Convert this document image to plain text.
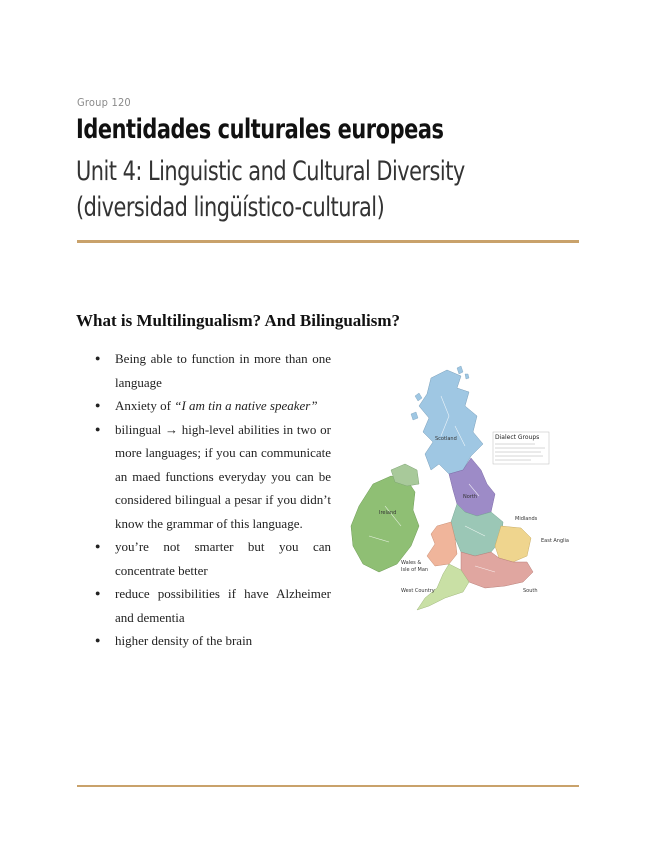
Group 120
Identidades culturales europeas
Unit 4: Linguistic and Cultural Diversity (diversidad lingüístico-cultural)
What is Multilingualism? And Bilingualism?
● Being able to function in more than one language
● Anxiety of “I am tin a native speaker”
● bilingual → high-level abilities in two or more languages; if you can communicate an maed functions everyday you can be considered bilingual a pesar if you didn’t know the grammar of this language.
● you’re not smarter but you can concentrate better
● reduce possibilities if have Alzheimer and dementia
● higher density of the brain
Dialect Groups
Scotland
North
Midlands
East Anglia
Wales &
Isle of Man
West Country	South
Ireland
